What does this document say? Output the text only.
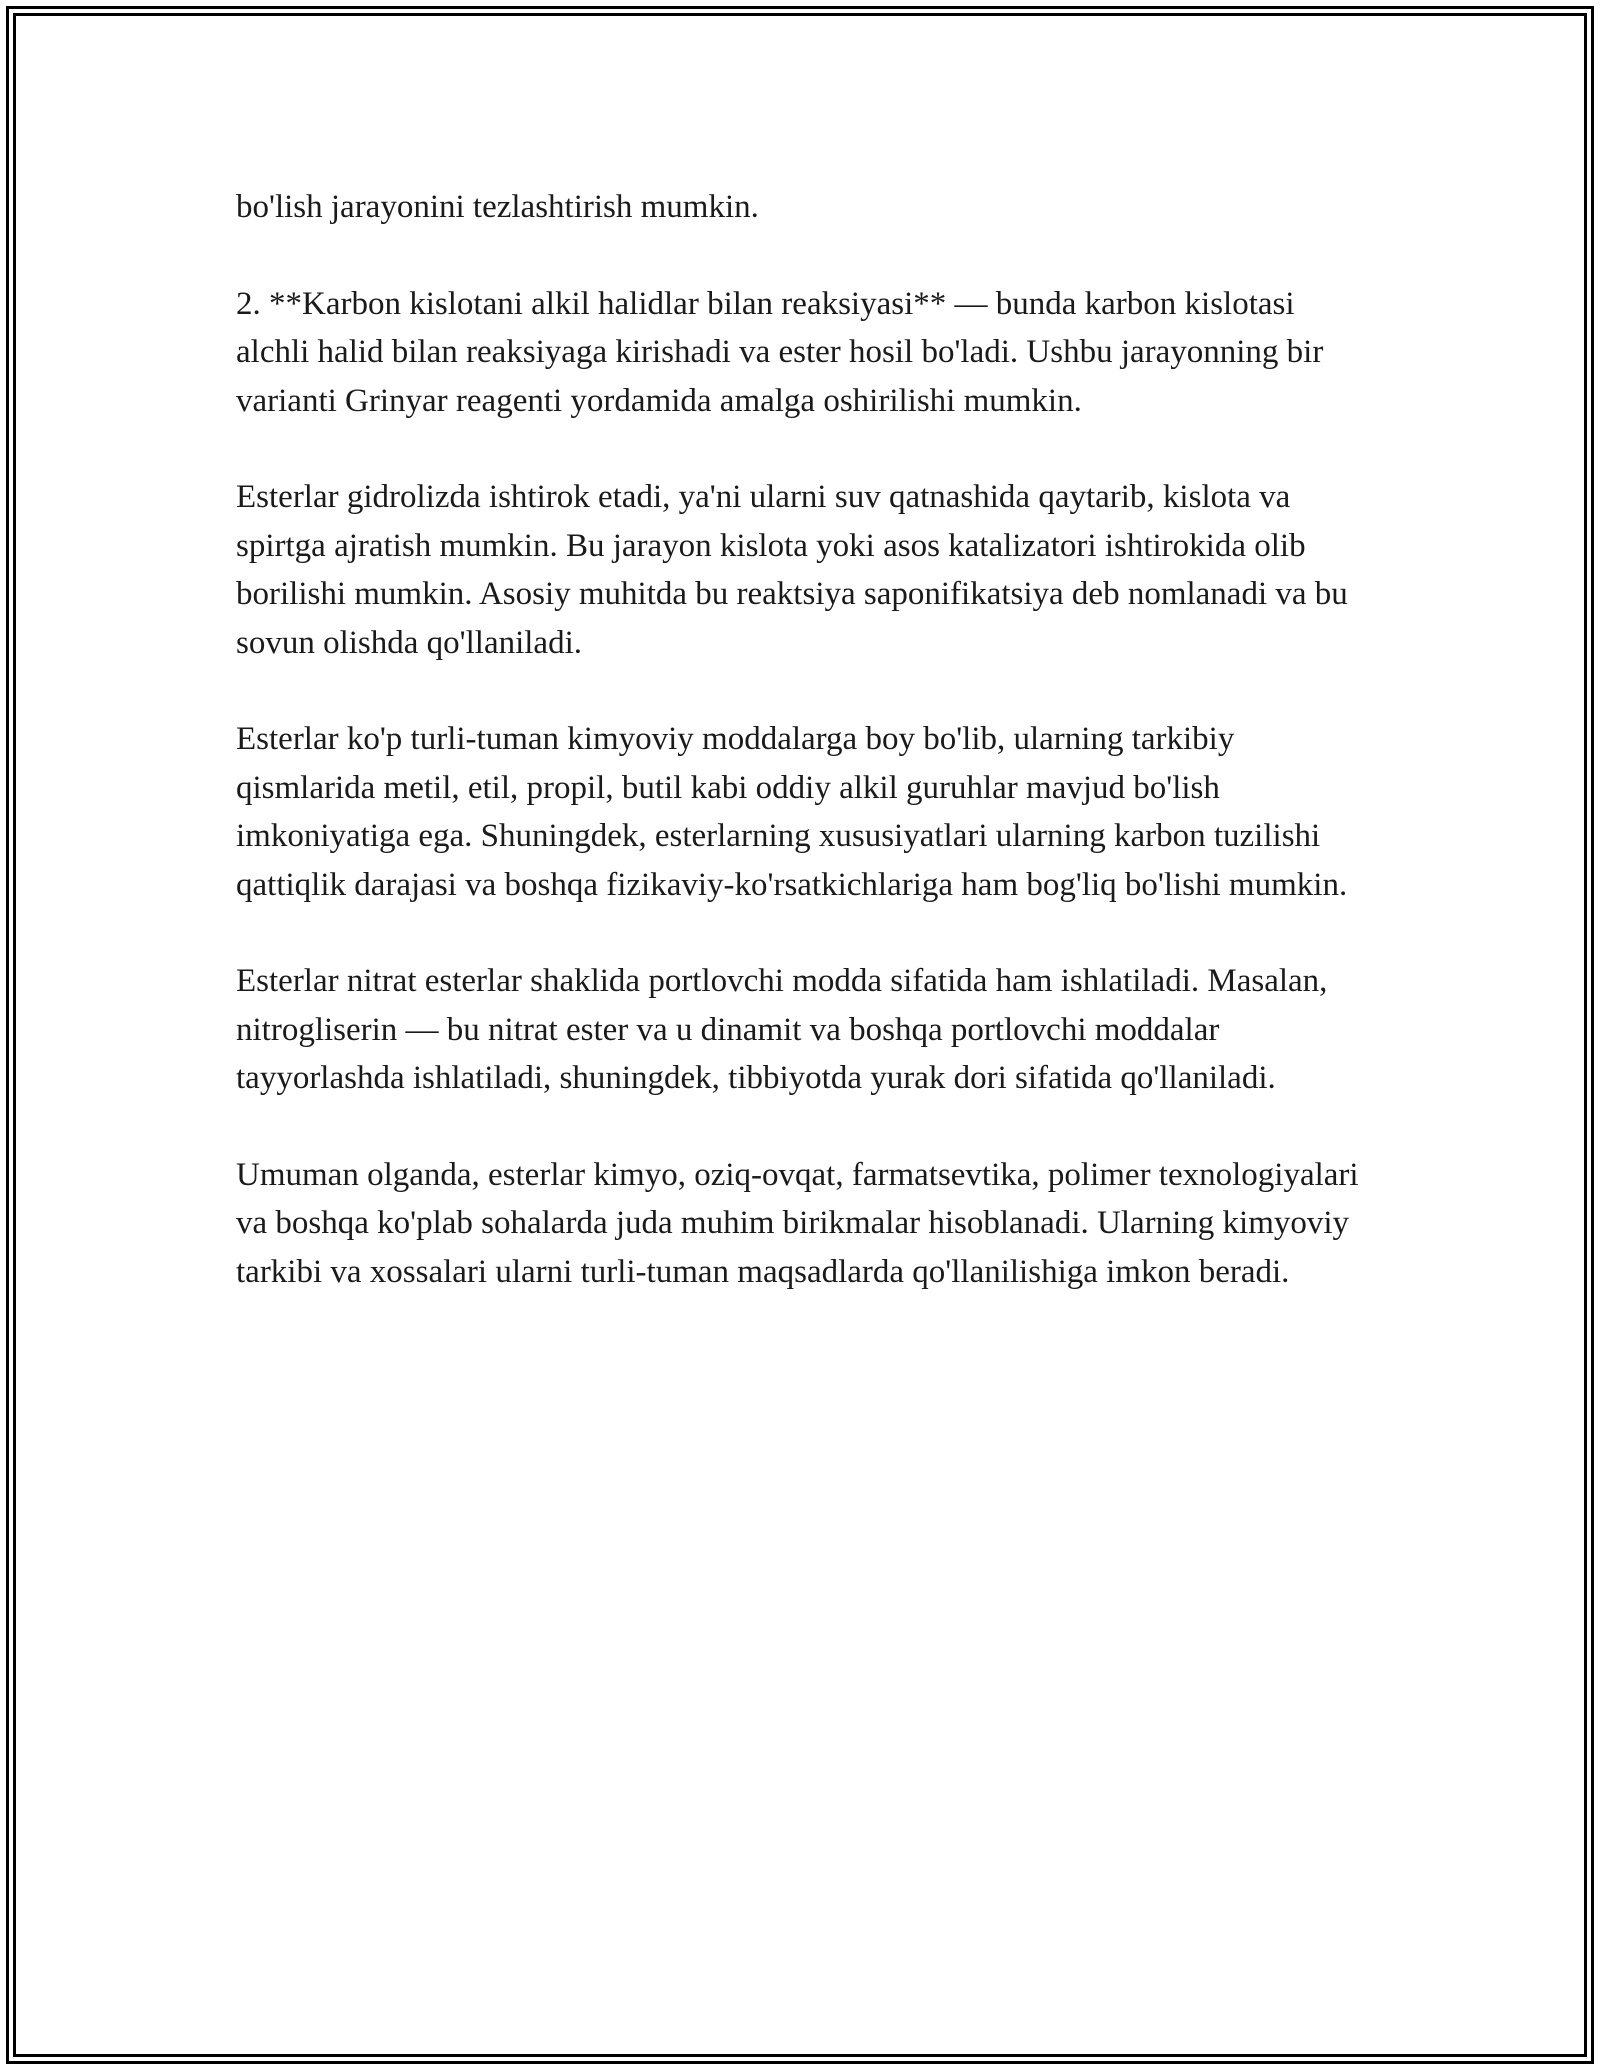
bo'lish jarayonini tezlashtirish mumkin.

2. **Karbon kislotani alkil halidlar bilan reaksiyasi** — bunda karbon kislotasi alchli halid bilan reaksiyaga kirishadi va ester hosil bo'ladi. Ushbu jarayonning bir varianti Grinyar reagenti yordamida amalga oshirilishi mumkin.

Esterlar gidrolizda ishtirok etadi, ya'ni ularni suv qatnashida qaytarib, kislota va spirtga ajratish mumkin. Bu jarayon kislota yoki asos katalizatori ishtirokida olib borilishi mumkin. Asosiy muhitda bu reaktsiya saponifikatsiya deb nomlanadi va bu sovun olishda qo'llaniladi.

Esterlar ko'p turli-tuman kimyoviy moddalarga boy bo'lib, ularning tarkibiy qismlarida metil, etil, propil, butil kabi oddiy alkil guruhlar mavjud bo'lish imkoniyatiga ega. Shuningdek, esterlarning xususiyatlari ularning karbon tuzilishi qattiqlik darajasi va boshqa fizikaviy-ko'rsatkichlariga ham bog'liq bo'lishi mumkin.

Esterlar nitrat esterlar shaklida portlovchi modda sifatida ham ishlatiladi. Masalan, nitrogliserin — bu nitrat ester va u dinamit va boshqa portlovchi moddalar tayyorlashda ishlatiladi, shuningdek, tibbiyotda yurak dori sifatida qo'llaniladi.

Umuman olganda, esterlar kimyo, oziq-ovqat, farmatsevtika, polimer texnologiyalari va boshqa ko'plab sohalarda juda muhim birikmalar hisoblanadi. Ularning kimyoviy tarkibi va xossalari ularni turli-tuman maqsadlarda qo'llanilishiga imkon beradi.
